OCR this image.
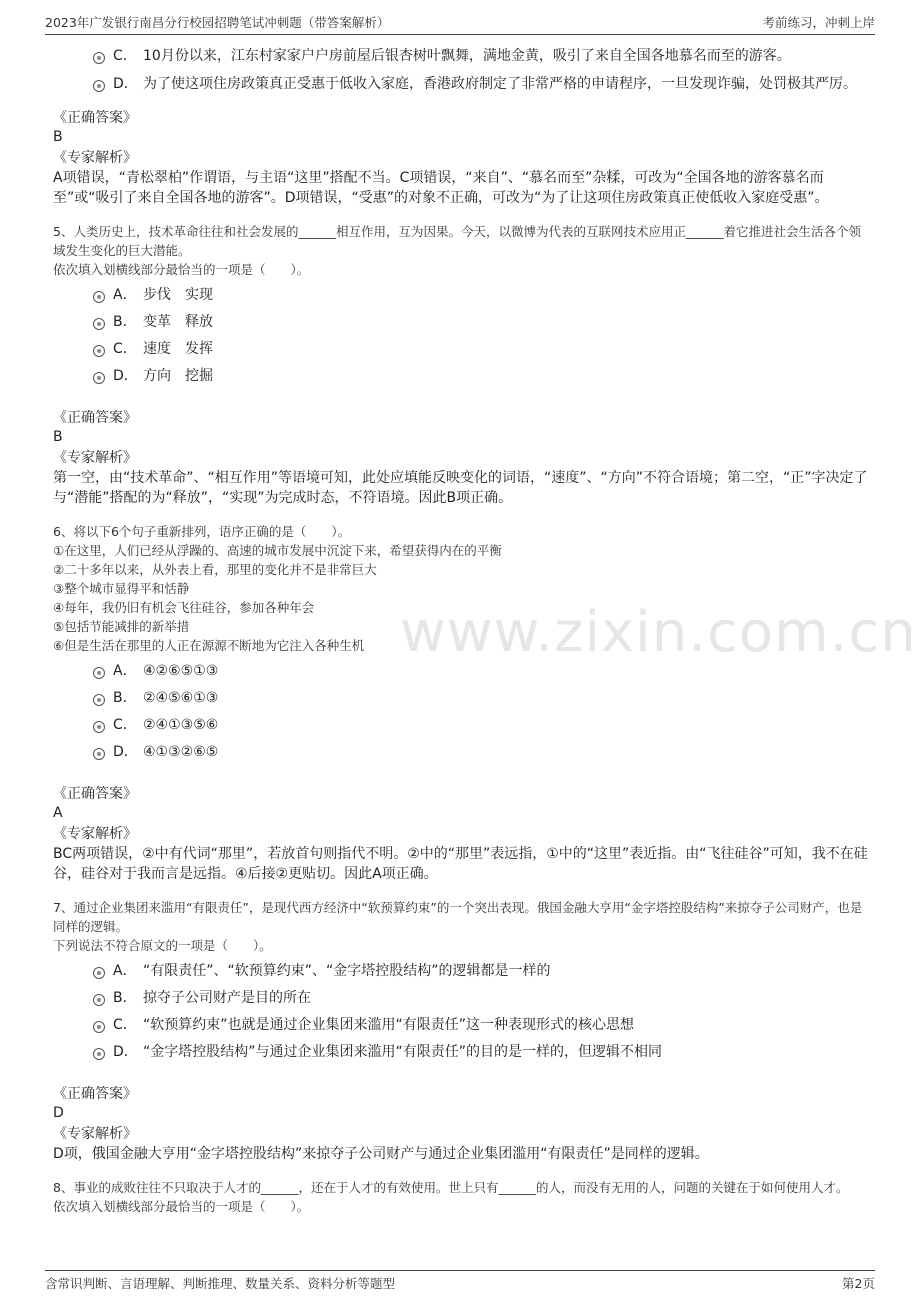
2023年广发银行南昌分行校园招聘笔试冲刺题（带答案解析）	考前练习，冲刺上岸
www.zixin.com.cn
C． 10月份以来，江东村家家户户房前屋后银杏树叶飘舞，满地金黄，吸引了来自全国各地慕名而至的游客。
D． 为了使这项住房政策真正受惠于低收入家庭，香港政府制定了非常严格的申请程序，一旦发现诈骗，处罚极其严厉。
《正确答案》
B
《专家解析》
A项错误，“青松翠柏”作谓语，与主语“这里”搭配不当。C项错误，“来自”、“慕名而至”杂糅，可改为“全国各地的游客慕名而至”或“吸引了来自全国各地的游客”。D项错误，“受惠”的对象不正确，可改为“为了让这项住房政策真正使低收入家庭受惠”。
5、人类历史上，技术革命往往和社会发展的______相互作用，互为因果。今天，以微博为代表的互联网技术应用正______着它推进社会生活各个领域发生变化的巨大潜能。
依次填入划横线部分最恰当的一项是（　　）。
A． 步伐　实现
B． 变革　释放
C． 速度　发挥
D． 方向　挖掘
《正确答案》
B
《专家解析》
第一空，由“技术革命”、“相互作用”等语境可知，此处应填能反映变化的词语，“速度”、“方向”不符合语境；第二空，“正”字决定了与“潜能”搭配的为“释放”，“实现”为完成时态，不符语境。因此B项正确。
6、将以下6个句子重新排列，语序正确的是（　　）。
①在这里，人们已经从浮躁的、高速的城市发展中沉淀下来，希望获得内在的平衡
②二十多年以来，从外表上看，那里的变化并不是非常巨大
③整个城市显得平和恬静
④每年，我仍旧有机会飞往硅谷，参加各种年会
⑤包括节能减排的新举措
⑥但是生活在那里的人正在源源不断地为它注入各种生机
A． ④②⑥⑤①③
B． ②④⑤⑥①③
C． ②④①③⑤⑥
D． ④①③②⑥⑤
《正确答案》
A
《专家解析》
BC两项错误，②中有代词“那里”，若放首句则指代不明。②中的“那里”表远指，①中的“这里”表近指。由“飞往硅谷”可知，我不在硅谷，硅谷对于我而言是远指。④后接②更贴切。因此A项正确。
7、通过企业集团来滥用“有限责任”，是现代西方经济中“软预算约束”的一个突出表现。俄国金融大亨用“金字塔控股结构”来掠夺子公司财产，也是同样的逻辑。
下列说法不符合原文的一项是（　　）。
A． “有限责任”、“软预算约束”、“金字塔控股结构”的逻辑都是一样的
B． 掠夺子公司财产是目的所在
C． “软预算约束”也就是通过企业集团来滥用“有限责任”这一种表现形式的核心思想
D． “金字塔控股结构”与通过企业集团来滥用“有限责任”的目的是一样的，但逻辑不相同
《正确答案》
D
《专家解析》
D项，俄国金融大亨用“金字塔控股结构”来掠夺子公司财产与通过企业集团滥用“有限责任”是同样的逻辑。
8、事业的成败往往不只取决于人才的______，还在于人才的有效使用。世上只有______的人，而没有无用的人，问题的关键在于如何使用人才。
依次填入划横线部分最恰当的一项是（　　）。
含常识判断、言语理解、判断推理、数量关系、资料分析等题型	第2页
